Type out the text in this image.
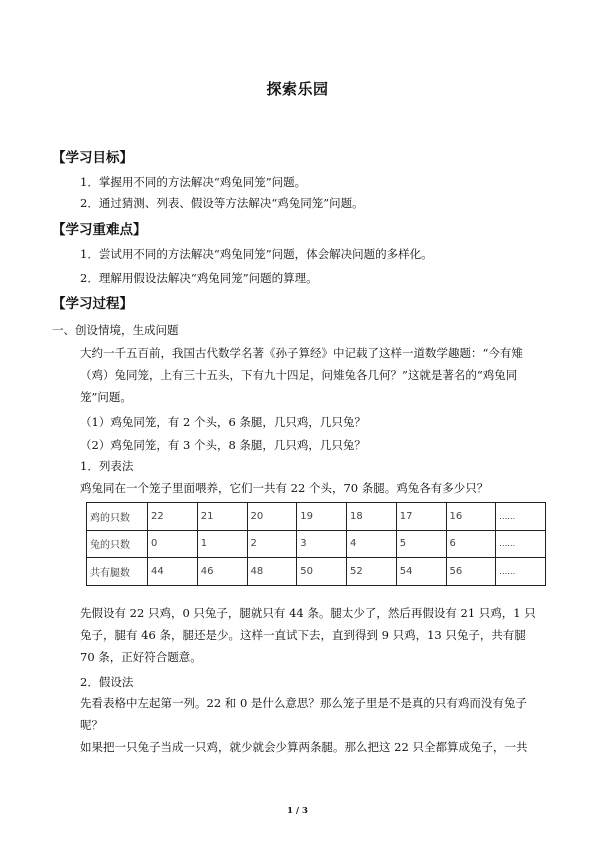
探索乐园
【学习目标】
1．掌握用不同的方法解决“鸡兔同笼”问题。
2．通过猜测、列表、假设等方法解决“鸡兔同笼”问题。
【学习重难点】
1．尝试用不同的方法解决“鸡兔同笼”问题，体会解决问题的多样化。
2．理解用假设法解决“鸡兔同笼”问题的算理。
【学习过程】
一、创设情境，生成问题
大约一千五百前，我国古代数学名著《孙子算经》中记载了这样一道数学趣题：“今有雉（鸡）兔同笼，上有三十五头，下有九十四足，问雉兔各几何？”这就是著名的“鸡兔同笼”问题。
（1）鸡兔同笼，有 2 个头，6 条腿，几只鸡，几只兔？
（2）鸡兔同笼，有 3 个头，8 条腿，几只鸡，几只兔？
1．列表法
鸡兔同在一个笼子里面喂养，它们一共有 22 个头，70 条腿。鸡兔各有多少只？
鸡的只数	22	21	20	19	18	17	16	……
兔的只数	0	1	2	3	4	5	6	……
共有腿数	44	46	48	50	52	54	56	……
先假设有 22 只鸡，0 只兔子，腿就只有 44 条。腿太少了，然后再假设有 21 只鸡，1 只兔子，腿有 46 条，腿还是少。这样一直试下去，直到得到 9 只鸡，13 只兔子，共有腿 70 条，正好符合题意。
2．假设法
先看表格中左起第一列。22 和 0 是什么意思？那么笼子里是不是真的只有鸡而没有兔子呢？
如果把一只兔子当成一只鸡，就少就会少算两条腿。那么把这 22 只全都算成兔子，一共
1 / 3
